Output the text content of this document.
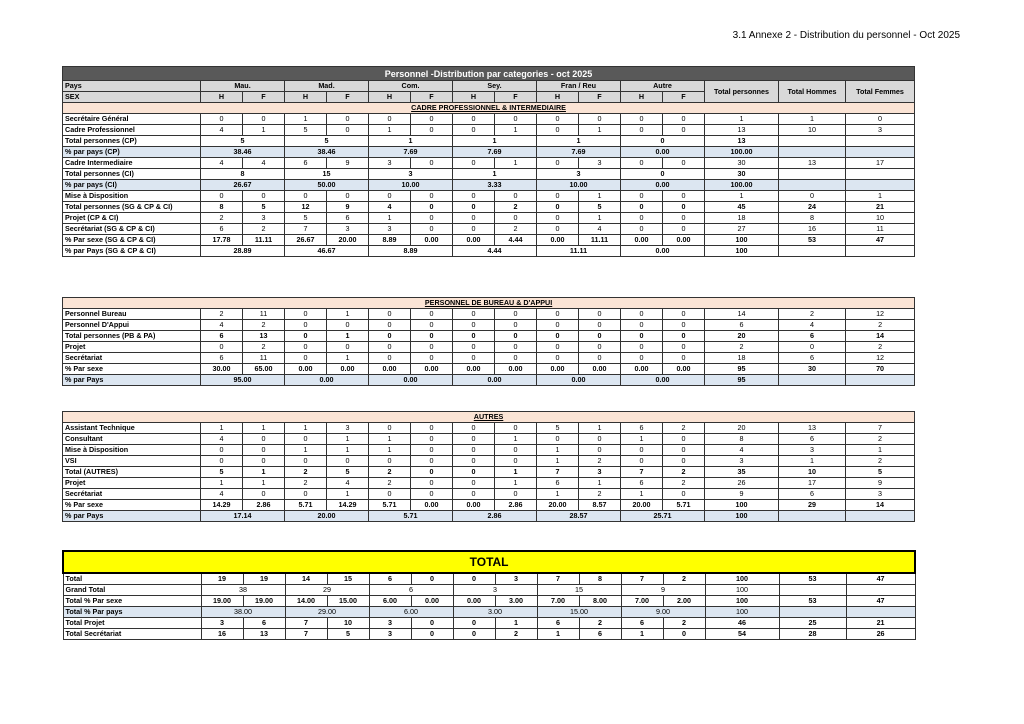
3.1 Annexe 2 - Distribution du personnel - Oct 2025
Personnel -Distribution par categories - oct 2025															
Pays	Mau.		Mad.		Com.		Sey.		Fran / Reu		Autre		Total personnes	Total Hommes	Total Femmes
SEX	H	F	H	F	H	F	H	F	H	F	H	F			
CADRE PROFESSIONNEL & INTERMEDIAIRE															
Secrétaire Général	0	0	1	0	0	0	0	0	0	0	0	0	1	1	0
Cadre Professionnel	4	1	5	0	1	0	0	1	0	1	0	0	13	10	3
Total personnes (CP)	5		5		1		1		1		0		13		
% par pays (CP)	38.46		38.46		7.69		7.69		7.69		0.00		100.00		
Cadre Intermediaire	4	4	6	9	3	0	0	1	0	3	0	0	30	13	17
Total personnes (CI)	8		15		3		1		3		0		30		
% par pays (CI)	26.67		50.00		10.00		3.33		10.00		0.00		100.00		
Mise à Disposition	0	0	0	0	0	0	0	0	0	1	0	0	1	0	1
Total personnes (SG & CP & CI)	8	5	12	9	4	0	0	2	0	5	0	0	45	24	21
Projet (CP & CI)	2	3	5	6	1	0	0	0	0	1	0	0	18	8	10
Secrétariat (SG & CP & CI)	6	2	7	3	3	0	0	2	0	4	0	0	27	16	11
% Par sexe (SG & CP & CI)	17.78	11.11	26.67	20.00	8.89	0.00	0.00	4.44	0.00	11.11	0.00	0.00	100	53	47
% par Pays (SG & CP & CI)	28.89		46.67		8.89		4.44		11.11		0.00		100		
PERSONNEL DE BUREAU & D'APPUI															
Personnel Bureau	2	11	0	1	0	0	0	0	0	0	0	0	14	2	12
Personnel D'Appui	4	2	0	0	0	0	0	0	0	0	0	0	6	4	2
Total personnes (PB & PA)	6	13	0	1	0	0	0	0	0	0	0	0	20	6	14
Projet	0	2	0	0	0	0	0	0	0	0	0	0	2	0	2
Secrétariat	6	11	0	1	0	0	0	0	0	0	0	0	18	6	12
% Par sexe	30.00	65.00	0.00	0.00	0.00	0.00	0.00	0.00	0.00	0.00	0.00	0.00	95	30	70
% par Pays	95.00		0.00		0.00		0.00		0.00		0.00		95		
AUTRES															
Assistant Technique	1	1	1	3	0	0	0	0	5	1	6	2	20	13	7
Consultant	4	0	0	1	1	0	0	1	0	0	1	0	8	6	2
Mise à Disposition	0	0	1	1	1	0	0	0	1	0	0	0	4	3	1
VSI	0	0	0	0	0	0	0	0	1	2	0	0	3	1	2
Total (AUTRES)	5	1	2	5	2	0	0	1	7	3	7	2	35	10	5
Projet	1	1	2	4	2	0	0	1	6	1	6	2	26	17	9
Secrétariat	4	0	0	1	0	0	0	0	1	2	1	0	9	6	3
% Par sexe	14.29	2.86	5.71	14.29	5.71	0.00	0.00	2.86	20.00	8.57	20.00	5.71	100	29	14
% par Pays	17.14		20.00		5.71		2.86		28.57		25.71		100		
TOTAL															
Total	19	19	14	15	6	0	0	3	7	8	7	2	100	53	47
Grand Total	38		29		6		3		15		9		100		
Total % Par sexe	19.00	19.00	14.00	15.00	6.00	0.00	0.00	3.00	7.00	8.00	7.00	2.00	100	53	47
Total % Par pays	38.00		29.00		6.00		3.00		15.00		9.00		100		
Total Projet	3	6	7	10	3	0	0	1	6	2	6	2	46	25	21
Total Secrétariat	16	13	7	5	3	0	0	2	1	6	1	0	54	28	26
